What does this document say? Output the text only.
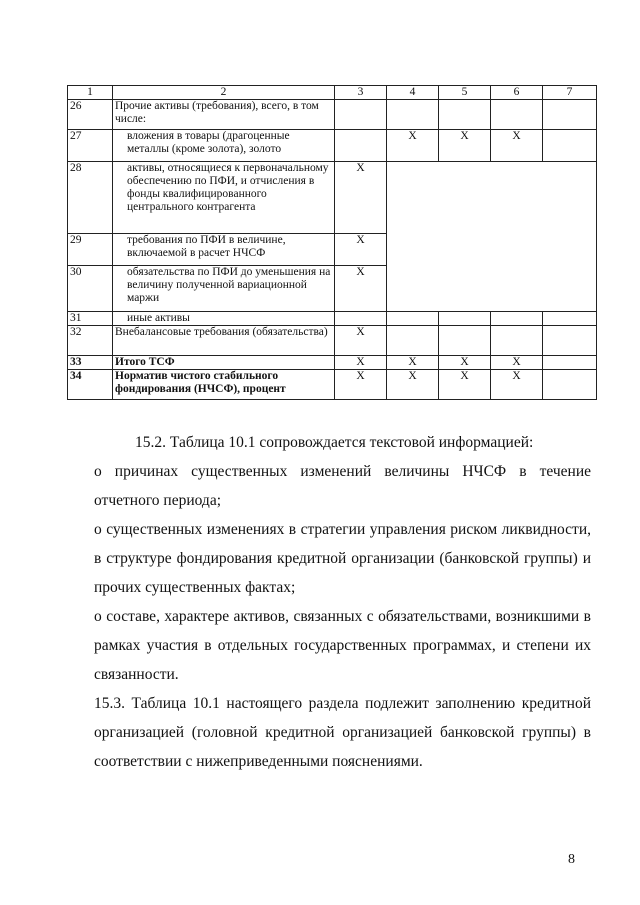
1	2	3	4	5	6	7
26	Прочие активы (требования), всего, в том числе:					
27	вложения в товары (драгоценные металлы (кроме золота), золото		X	X	X	
28	активы, относящиеся к первоначальному обеспечению по ПФИ, и отчисления в фонды квалифицированного центрального контрагента	X				
29	требования по ПФИ в величине, включаемой в расчет НЧСФ	X				
30	обязательства по ПФИ до уменьшения на величину полученной вариационной маржи	X				
31	иные активы					
32	Внебалансовые требования (обязательства)	X				
33	Итого ТСФ	X	X	X	X	
34	Норматив чистого стабильного фондирования (НЧСФ), процент	X	X	X	X	

15.2. Таблица 10.1 сопровождается текстовой информацией:

о причинах существенных изменений величины НЧСФ в течение отчетного периода;

о существенных изменениях в стратегии управления риском ликвидности, в структуре фондирования кредитной организации (банковской группы) и прочих существенных фактах;

о составе, характере активов, связанных с обязательствами, возникшими в рамках участия в отдельных государственных программах, и степени их связанности.

15.3. Таблица 10.1 настоящего раздела подлежит заполнению кредитной организацией (головной кредитной организацией банковской группы) в соответствии с нижеприведенными пояснениями.

8
